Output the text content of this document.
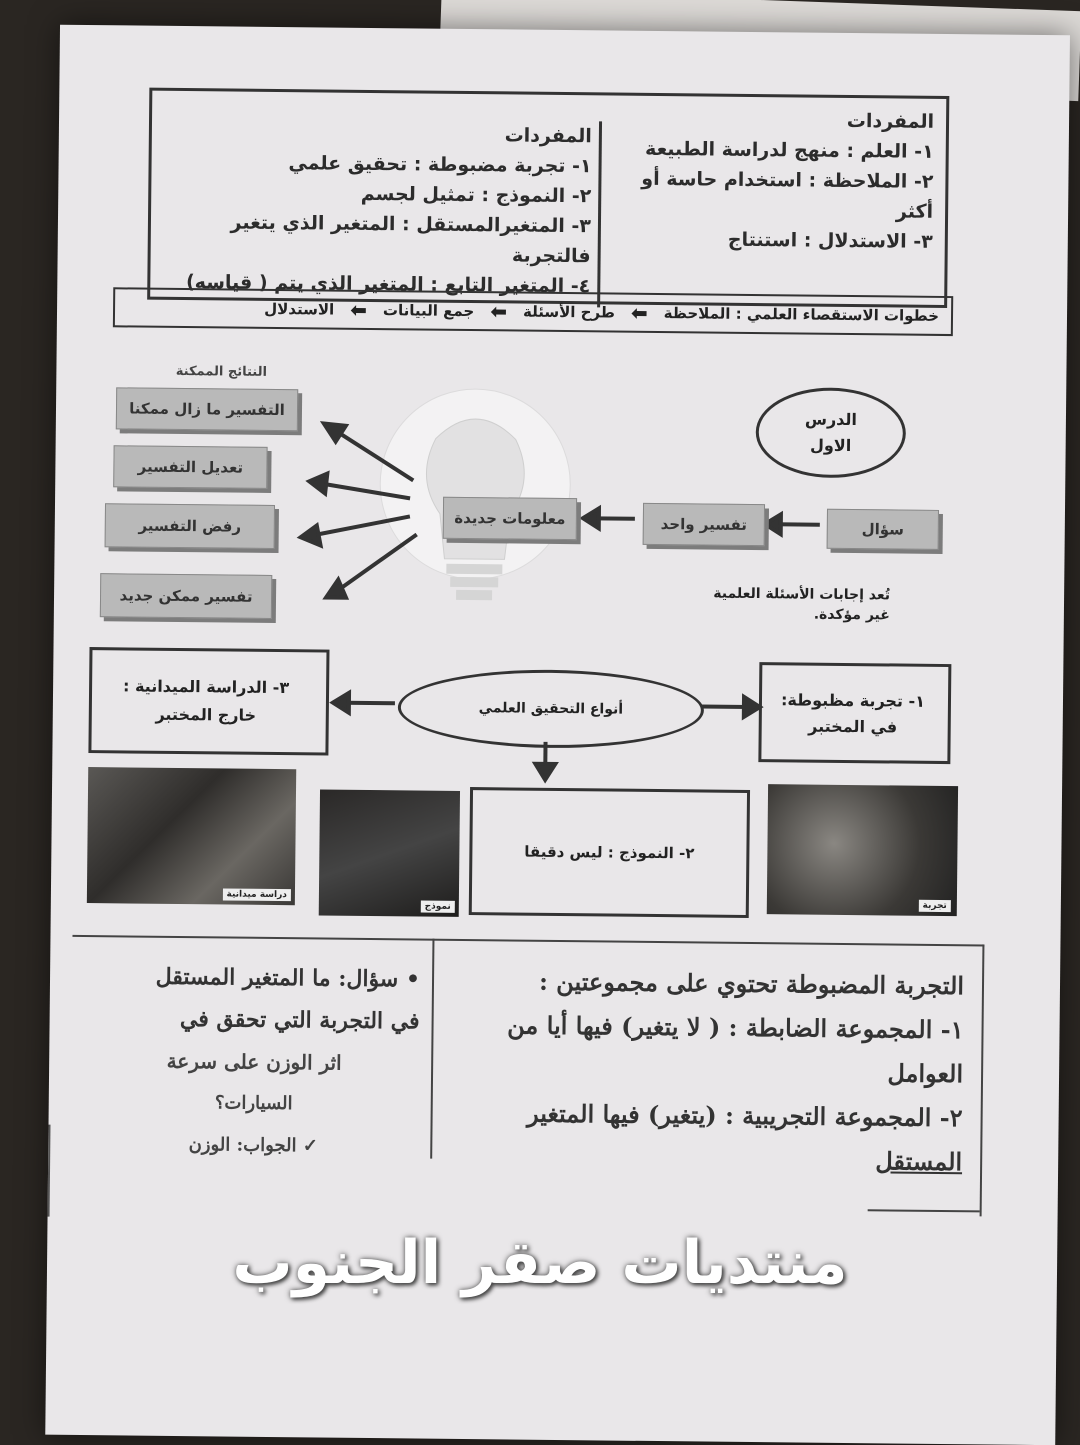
المفردات
١- العلم : منهج لدراسة الطبيعة
٢- الملاحظة : استخدام حاسة أو
أكثر
٣- الاستدلال : استنتاج
المفردات
١- تجربة مضبوطة : تحقيق علمي
٢- النموذج : تمثيل لجسم
٣- المتغيرالمستقل : المتغير الذي يتغير
فالتجربة
٤- المتغير التابع : المتغير الذي يتم ( قياسه)
خطوات الاستقصاء العلمي : الملاحظة
⬅
طرح الأسئلة
⬅
جمع البيانات
⬅
الاستدلال
النتائج الممكنة
الدرس الاول
التفسير ما زال ممكنا
تعديل التفسير
رفض التفسير
تفسير ممكن جديد
معلومات جديدة	تفسير واحد	سؤال
تُعد إجابات الأسئلة العلمية
غير مؤكدة.
٣- الدراسة الميدانية :
خارج المختبر	أنواع التحقيق العلمي	١- تجربة مظبوطة:
في المختبر
٢- النموذج : ليس دقيقا
دراسة ميدانية
نموذج	تجربة
التجربة المضبوطة تحتوي على مجموعتين :
١- المجموعة الضابطة : ( لا يتغير) فيها أيا من
العوامل
٢- المجموعة التجريبية : (يتغير) فيها المتغير
المستقل
• سؤال: ما المتغير المستقل
في التجربة التي تحقق في
اثر الوزن على سرعة
السيارات؟
✓ الجواب: الوزن
منتديات صقر الجنوب
